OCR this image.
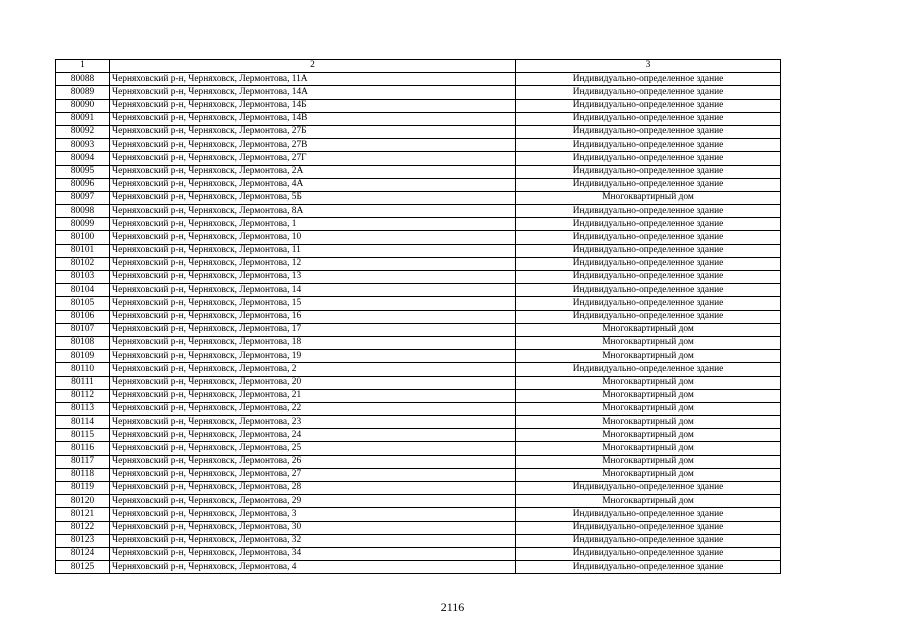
1	2	3
80088	Черняховский р-н, Черняховск, Лермонтова, 11А	Индивидуально-определенное здание
80089	Черняховский р-н, Черняховск, Лермонтова, 14А	Индивидуально-определенное здание
80090	Черняховский р-н, Черняховск, Лермонтова, 14Б	Индивидуально-определенное здание
80091	Черняховский р-н, Черняховск, Лермонтова, 14В	Индивидуально-определенное здание
80092	Черняховский р-н, Черняховск, Лермонтова, 27Б	Индивидуально-определенное здание
80093	Черняховский р-н, Черняховск, Лермонтова, 27В	Индивидуально-определенное здание
80094	Черняховский р-н, Черняховск, Лермонтова, 27Г	Индивидуально-определенное здание
80095	Черняховский р-н, Черняховск, Лермонтова, 2А	Индивидуально-определенное здание
80096	Черняховский р-н, Черняховск, Лермонтова, 4А	Индивидуально-определенное здание
80097	Черняховский р-н, Черняховск, Лермонтова, 5Б	Многоквартирный дом
80098	Черняховский р-н, Черняховск, Лермонтова, 8А	Индивидуально-определенное здание
80099	Черняховский р-н, Черняховск, Лермонтова, 1	Индивидуально-определенное здание
80100	Черняховский р-н, Черняховск, Лермонтова, 10	Индивидуально-определенное здание
80101	Черняховский р-н, Черняховск, Лермонтова, 11	Индивидуально-определенное здание
80102	Черняховский р-н, Черняховск, Лермонтова, 12	Индивидуально-определенное здание
80103	Черняховский р-н, Черняховск, Лермонтова, 13	Индивидуально-определенное здание
80104	Черняховский р-н, Черняховск, Лермонтова, 14	Индивидуально-определенное здание
80105	Черняховский р-н, Черняховск, Лермонтова, 15	Индивидуально-определенное здание
80106	Черняховский р-н, Черняховск, Лермонтова, 16	Индивидуально-определенное здание
80107	Черняховский р-н, Черняховск, Лермонтова, 17	Многоквартирный дом
80108	Черняховский р-н, Черняховск, Лермонтова, 18	Многоквартирный дом
80109	Черняховский р-н, Черняховск, Лермонтова, 19	Многоквартирный дом
80110	Черняховский р-н, Черняховск, Лермонтова, 2	Индивидуально-определенное здание
80111	Черняховский р-н, Черняховск, Лермонтова, 20	Многоквартирный дом
80112	Черняховский р-н, Черняховск, Лермонтова, 21	Многоквартирный дом
80113	Черняховский р-н, Черняховск, Лермонтова, 22	Многоквартирный дом
80114	Черняховский р-н, Черняховск, Лермонтова, 23	Многоквартирный дом
80115	Черняховский р-н, Черняховск, Лермонтова, 24	Многоквартирный дом
80116	Черняховский р-н, Черняховск, Лермонтова, 25	Многоквартирный дом
80117	Черняховский р-н, Черняховск, Лермонтова, 26	Многоквартирный дом
80118	Черняховский р-н, Черняховск, Лермонтова, 27	Многоквартирный дом
80119	Черняховский р-н, Черняховск, Лермонтова, 28	Индивидуально-определенное здание
80120	Черняховский р-н, Черняховск, Лермонтова, 29	Многоквартирный дом
80121	Черняховский р-н, Черняховск, Лермонтова, 3	Индивидуально-определенное здание
80122	Черняховский р-н, Черняховск, Лермонтова, 30	Индивидуально-определенное здание
80123	Черняховский р-н, Черняховск, Лермонтова, 32	Индивидуально-определенное здание
80124	Черняховский р-н, Черняховск, Лермонтова, 34	Индивидуально-определенное здание
80125	Черняховский р-н, Черняховск, Лермонтова, 4	Индивидуально-определенное здание
2116
